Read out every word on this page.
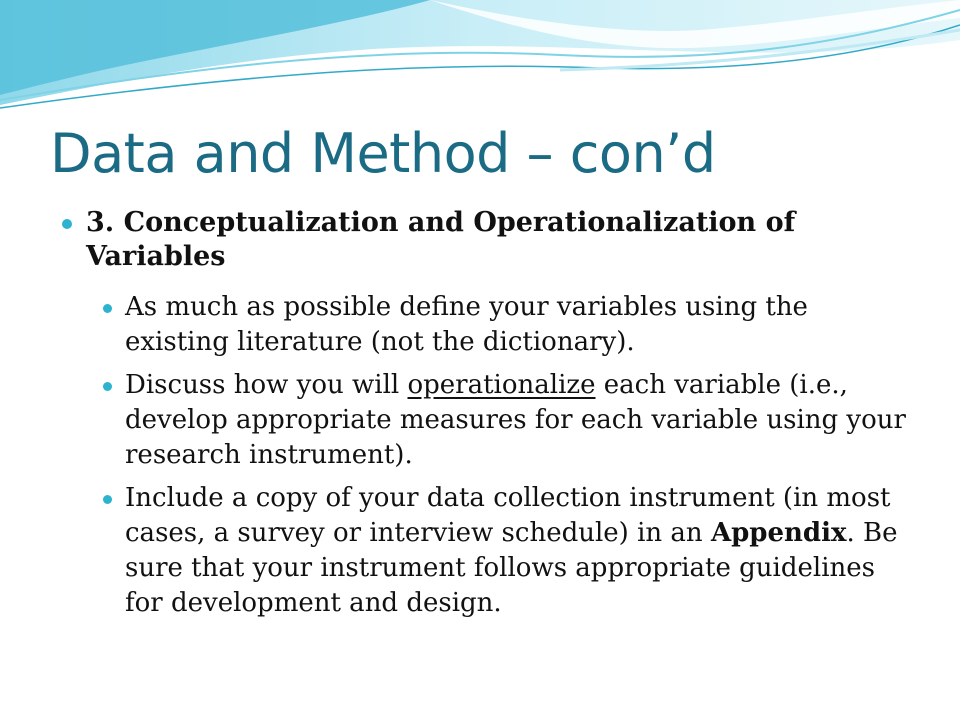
Data and Method – con’d
3. Conceptualization and Operationalization of Variables
As much as possible define your variables using the existing literature (not the dictionary).
Discuss how you will operationalize each variable (i.e., develop appropriate measures for each variable using your research instrument).
Include a copy of your data collection instrument (in most cases, a survey or interview schedule) in an Appendix. Be sure that your instrument follows appropriate guidelines for development and design.
